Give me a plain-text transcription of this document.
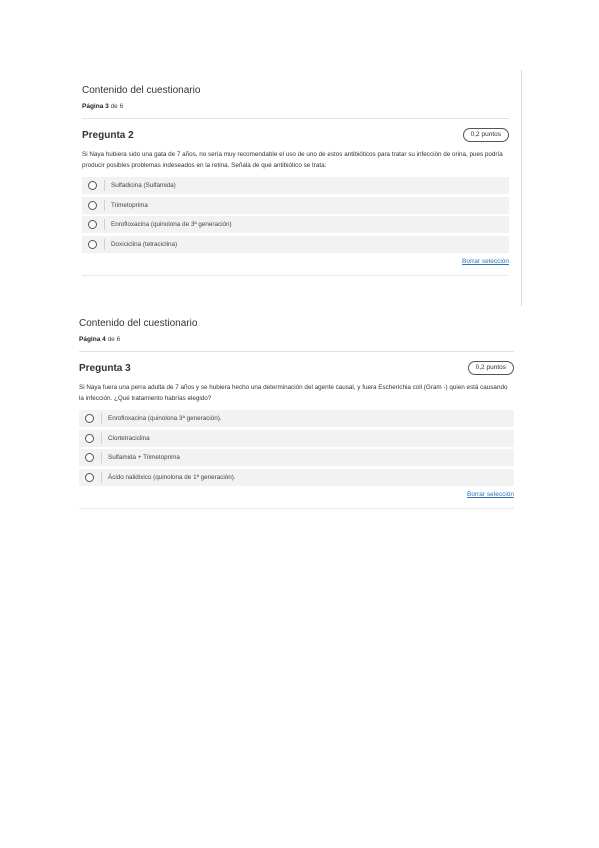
Contenido del cuestionario

Página 3 de 6
Pregunta 2	0,2 puntos
Si Naya hubiera sido una gata de 7 años, no sería muy recomendable el uso de uno de estos antibióticos para tratar su infección de orina, pues podría producir posibles problemas indeseados en la retina. Señala de qué antibiótico se trata:
Sulfadicina (Sulfamida)
Trimetoprima
Enrofloxacina (quinolona de 3ª generación)
Doxiciclina (tetraciclina)
Borrar selección

Contenido del cuestionario

Página 4 de 6
Pregunta 3	0,2 puntos
Si Naya fuera una perra adulta de 7 años y se hubiera hecho una determinación del agente causal, y fuera Escherichia coli (Gram -) quien está causando la infección. ¿Qué tratamiento habrías elegido?
Enrofloxacina (quinolona 3ª generación).
Clortetraciclina
Sulfamida + Trimetoprima
Ácido nalidixico (quinolona de 1ª generación).
Borrar selección
